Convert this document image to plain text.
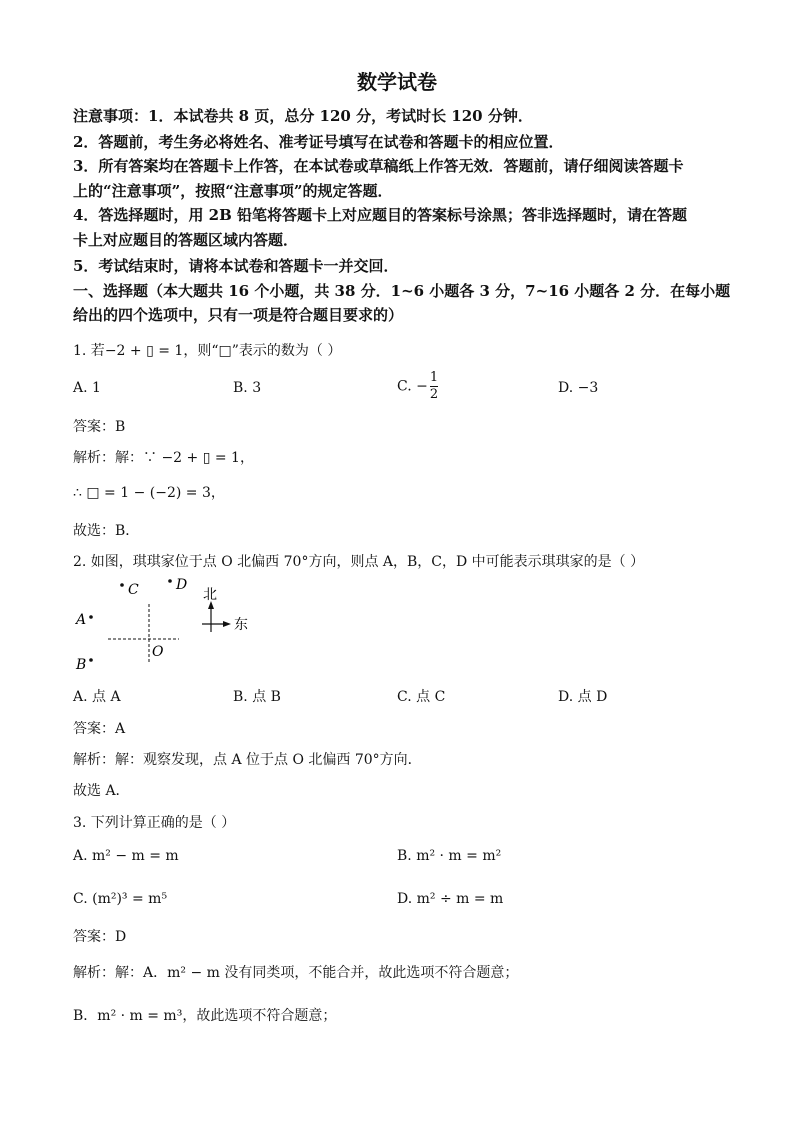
数学试卷
注意事项：1．本试卷共 8 页，总分 120 分，考试时长 120 分钟．
2．答题前，考生务必将姓名、准考证号填写在试卷和答题卡的相应位置．
3．所有答案均在答题卡上作答，在本试卷或草稿纸上作答无效．答题前，请仔细阅读答题卡
上的“注意事项”，按照“注意事项”的规定答题．
4．答选择题时，用 2B 铅笔将答题卡上对应题目的答案标号涂黑；答非选择题时，请在答题
卡上对应题目的答题区域内答题．
5．考试结束时，请将本试卷和答题卡一并交回．
一、选择题（本大题共 16 个小题，共 38 分．1~6 小题各 3 分，7~16 小题各 2 分．在每小题
给出的四个选项中，只有一项是符合题目要求的）
1. 若−2 + ▯ = 1，则“□”表示的数为（ ）
A. 1	B. 3	C. − $\frac{1}{2}$	D. −3
答案：B
解析：解：∵ −2 + ▯ = 1，
∴ □ = 1 − (−2) = 3，
故选：B．
2. 如图，琪琪家位于点 O 北偏西 70°方向，则点 A，B，C，D 中可能表示琪琪家的是（ ）
C	D
A
B
O
北
东
A. 点 A	B. 点 B	C. 点 C	D. 点 D
答案：A
解析：解：观察发现，点 A 位于点 O 北偏西 70°方向．
故选 A．
3. 下列计算正确的是（ ）
A. m² − m = m	B. m² · m = m²
C. (m²)³ = m⁵	D. m² ÷ m = m
答案：D
解析：解：A．m² − m 没有同类项，不能合并，故此选项不符合题意；
B．m² · m = m³，故此选项不符合题意；
